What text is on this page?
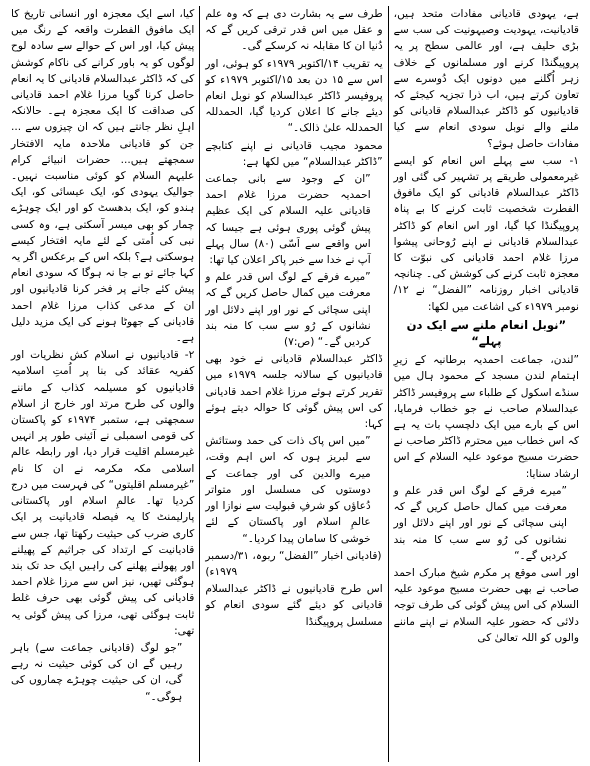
ہے، یہودی قادیانی مفادات متحد ہیں، قادیانیت، یہودیت وصیہونیت کی سب سے بڑی حلیف ہے، اور عالمی سطح پر یہ پروپیگنڈا کرنے اور مسلمانوں کے خلاف زہر اُگلنے میں دونوں ایک دُوسرے سے تعاون کرتے ہیں، اب ذرا تجزیہ کیجئے کہ قادیانیوں کو ڈاکٹر عبدالسلام قادیانی کو ملنے والے نوبل سودی انعام سے کیا مفادات حاصل ہوئے؟

۱- سب سے پہلے اس انعام کو ایسے غیرمعمولی طریقے پر تشہیر کی گئی اور ڈاکٹر عبدالسلام قادیانی کو ایک مافوق الفطرت شخصیت ثابت کرنے کا بے پناہ پروپیگنڈا کیا گیا، اور اس انعام کو ڈاکٹر عبدالسلام قادیانی نے اپنے رُوحانی پیشوا مرزا غلام احمد قادیانی کی نبوّت کا معجزہ ثابت کرنے کی کوشش کی۔ چنانچہ قادیانی اخبار روزنامہ ”الفضل“ نے ۱۲/نومبر ۱۹۷۹ء کی اشاعت میں لکھا:

”نوبل انعام ملنے سے ایک دن پہلے“

”لندن، جماعت احمدیہ برطانیہ کے زیرِ اہتمام لندن مسجد کے محمود ہال میں سنڈے اسکول کے طلباء سے پروفیسر ڈاکٹر عبدالسلام صاحب نے جو خطاب فرمایا، اس کے بارے میں ایک دلچسپ بات یہ ہے کہ اس خطاب میں محترم ڈاکٹر صاحب نے حضرت مسیح موعود علیہ السلام کے اس ارشاد سنایا:

”میرے فرقے کے لوگ اس قدر علم و معرفت میں کمال حاصل کریں گے کہ اپنی سچائی کے نور اور اپنے دلائل اور نشانوں کی رُو سے سب کا منہ بند کردیں گے۔“

اور اسی موقع پر مکرم شیخ مبارک احمد صاحب نے بھی حضرت مسیح موعود علیہ السلام کی اس پیش گوئی کی طرف توجہ دلائی کہ حضور علیہ السلام نے اپنے ماننے والوں کو اللہ تعالیٰ کی

طرف سے یہ بشارت دی ہے کہ وہ علم و عقل میں اس قدر ترقی کریں گے کہ دُنیا ان کا مقابلہ نہ کرسکے گی۔

یہ تقریب ۱۴/اکتوبر ۱۹۷۹ء کو ہوئی، اور اس سے ۱۵ دن بعد ۱۵/اکتوبر ۱۹۷۹ء کو پروفیسر ڈاکٹر عبدالسلام کو نوبل انعام دیئے جانے کا اعلان کردیا گیا، الحمدللہ الحمدللہ علیٰ ذالک۔“

محمود مجیب قادیانی نے اپنے کتابچے ”ڈاکٹر عبدالسلام“ میں لکھا ہے:

”ان کے وجود سے بانی جماعت احمدیہ حضرت مرزا غلام احمد قادیانی علیہ السلام کی ایک عظیم پیش گوئی پوری ہوئی ہے جیسا کہ اس واقعے سے اَسّی (۸۰) سال پہلے آپ نے خدا سے خبر پاکر اعلان کیا تھا:

”میرے فرقے کے لوگ اس قدر علم و معرفت میں کمال حاصل کریں گے کہ اپنی سچائی کے نور اور اپنے دلائل اور نشانوں کے رُو سے سب کا منہ بند کردیں گے۔“ (ص:۷)

ڈاکٹر عبدالسلام قادیانی نے خود بھی قادیانیوں کے سالانہ جلسہ ۱۹۷۹ء میں تقریر کرتے ہوئے مرزا غلام احمد قادیانی کی اس پیش گوئی کا حوالہ دیتے ہوئے کہا:

”میں اس پاک ذات کی حمد وستائش سے لبریز ہوں کہ اس اہم وقت، میرے والدین کی اور جماعت کے دوستوں کی مسلسل اور متواتر دُعاؤں کو شرفِ قبولیت سے نوازا اور عالمِ اسلام اور پاکستان کے لئے خوشی کا سامان پیدا کردیا۔“

(قادیانی اخبار ”الفضل“ ربوہ، ۳۱/دسمبر ۱۹۷۹ء)

اس طرح قادیانیوں نے ڈاکٹر عبدالسلام قادیانی کو دیئے گئے سودی انعام کو مسلسل پروپیگنڈا

کیا، اسے ایک معجزہ اور انسانی تاریخ کا ایک مافوق الفطرت واقعہ کے رنگ میں پیش کیا، اور اس کے حوالے سے سادہ لوح لوگوں کو یہ باور کرانے کی ناکام کوشش کی کہ ڈاکٹر عبدالسلام قادیانی کا یہ انعام حاصل کرنا گویا مرزا غلام احمد قادیانی کی صداقت کا ایک معجزہ ہے۔ حالانکہ اہلِ نظر جانتے ہیں کہ ان چیزوں سے ... جن کو قادیانی ملاحدہ مایہ الافتخار سمجھتے ہیں... حضرات انبیائے کرام علیہم السلام کو کوئی مناسبت نہیں۔ جوالیک یہودی کو، ایک عیسائی کو، ایک ہندو کو، ایک بدھسٹ کو اور ایک چوہڑے چمار کو بھی میسر آسکتی ہے، وہ کسی نبی کی اُمتی کے لئے مایہ افتخار کیسے ہوسکتی ہے؟ بلکہ اس کے برعکس اگر یہ کہا جائے تو بے جا نہ ہوگا کہ سودی انعام پیش کئے جانے پر فخر کرنا قادیانیوں اور ان کے مدعی کذاب مرزا غلام احمد قادیانی کے جھوٹا ہونے کی ایک مزید دلیل ہے۔

۲- قادیانیوں نے اسلام کش نظریات اور کفریہ عقائد کی بنا پر اُمتِ اسلامیہ قادیانیوں کو مسیلمہ کذاب کے ماننے والوں کی طرح مرتد اور خارج از اسلام سمجھتی ہے، ستمبر ۱۹۷۴ء کو پاکستان کی قومی اسمبلی نے آئینی طور پر انہیں غیرمسلم اقلیت قرار دیا، اور رابطہ عالم اسلامی مکہ مکرمہ نے ان کا نام ”غیرمسلم اقلیتوں“ کی فہرست میں درج کردیا تھا۔ عالمِ اسلام اور پاکستانی پارلیمنٹ کا یہ فیصلہ قادیانیت پر ایک کاری ضرب کی حیثیت رکھتا تھا، جس سے قادیانیت کے ارتداد کی جراثیم کے پھیلنے اور پھولنے پھلنے کی راہیں ایک حد تک بند ہوگئی تھیں، نیز اس سے مرزا غلام احمد قادیانی کی پیش گوئی بھی حرف غلط ثابت ہوگئی تھی، مرزا کی پیش گوئی یہ تھی:

”جو لوگ (قادیانی جماعت سے) باہر رہیں گے ان کی کوئی حیثیت نہ رہے گی، ان کی حیثیت چوہڑے چماروں کی ہوگی۔“
